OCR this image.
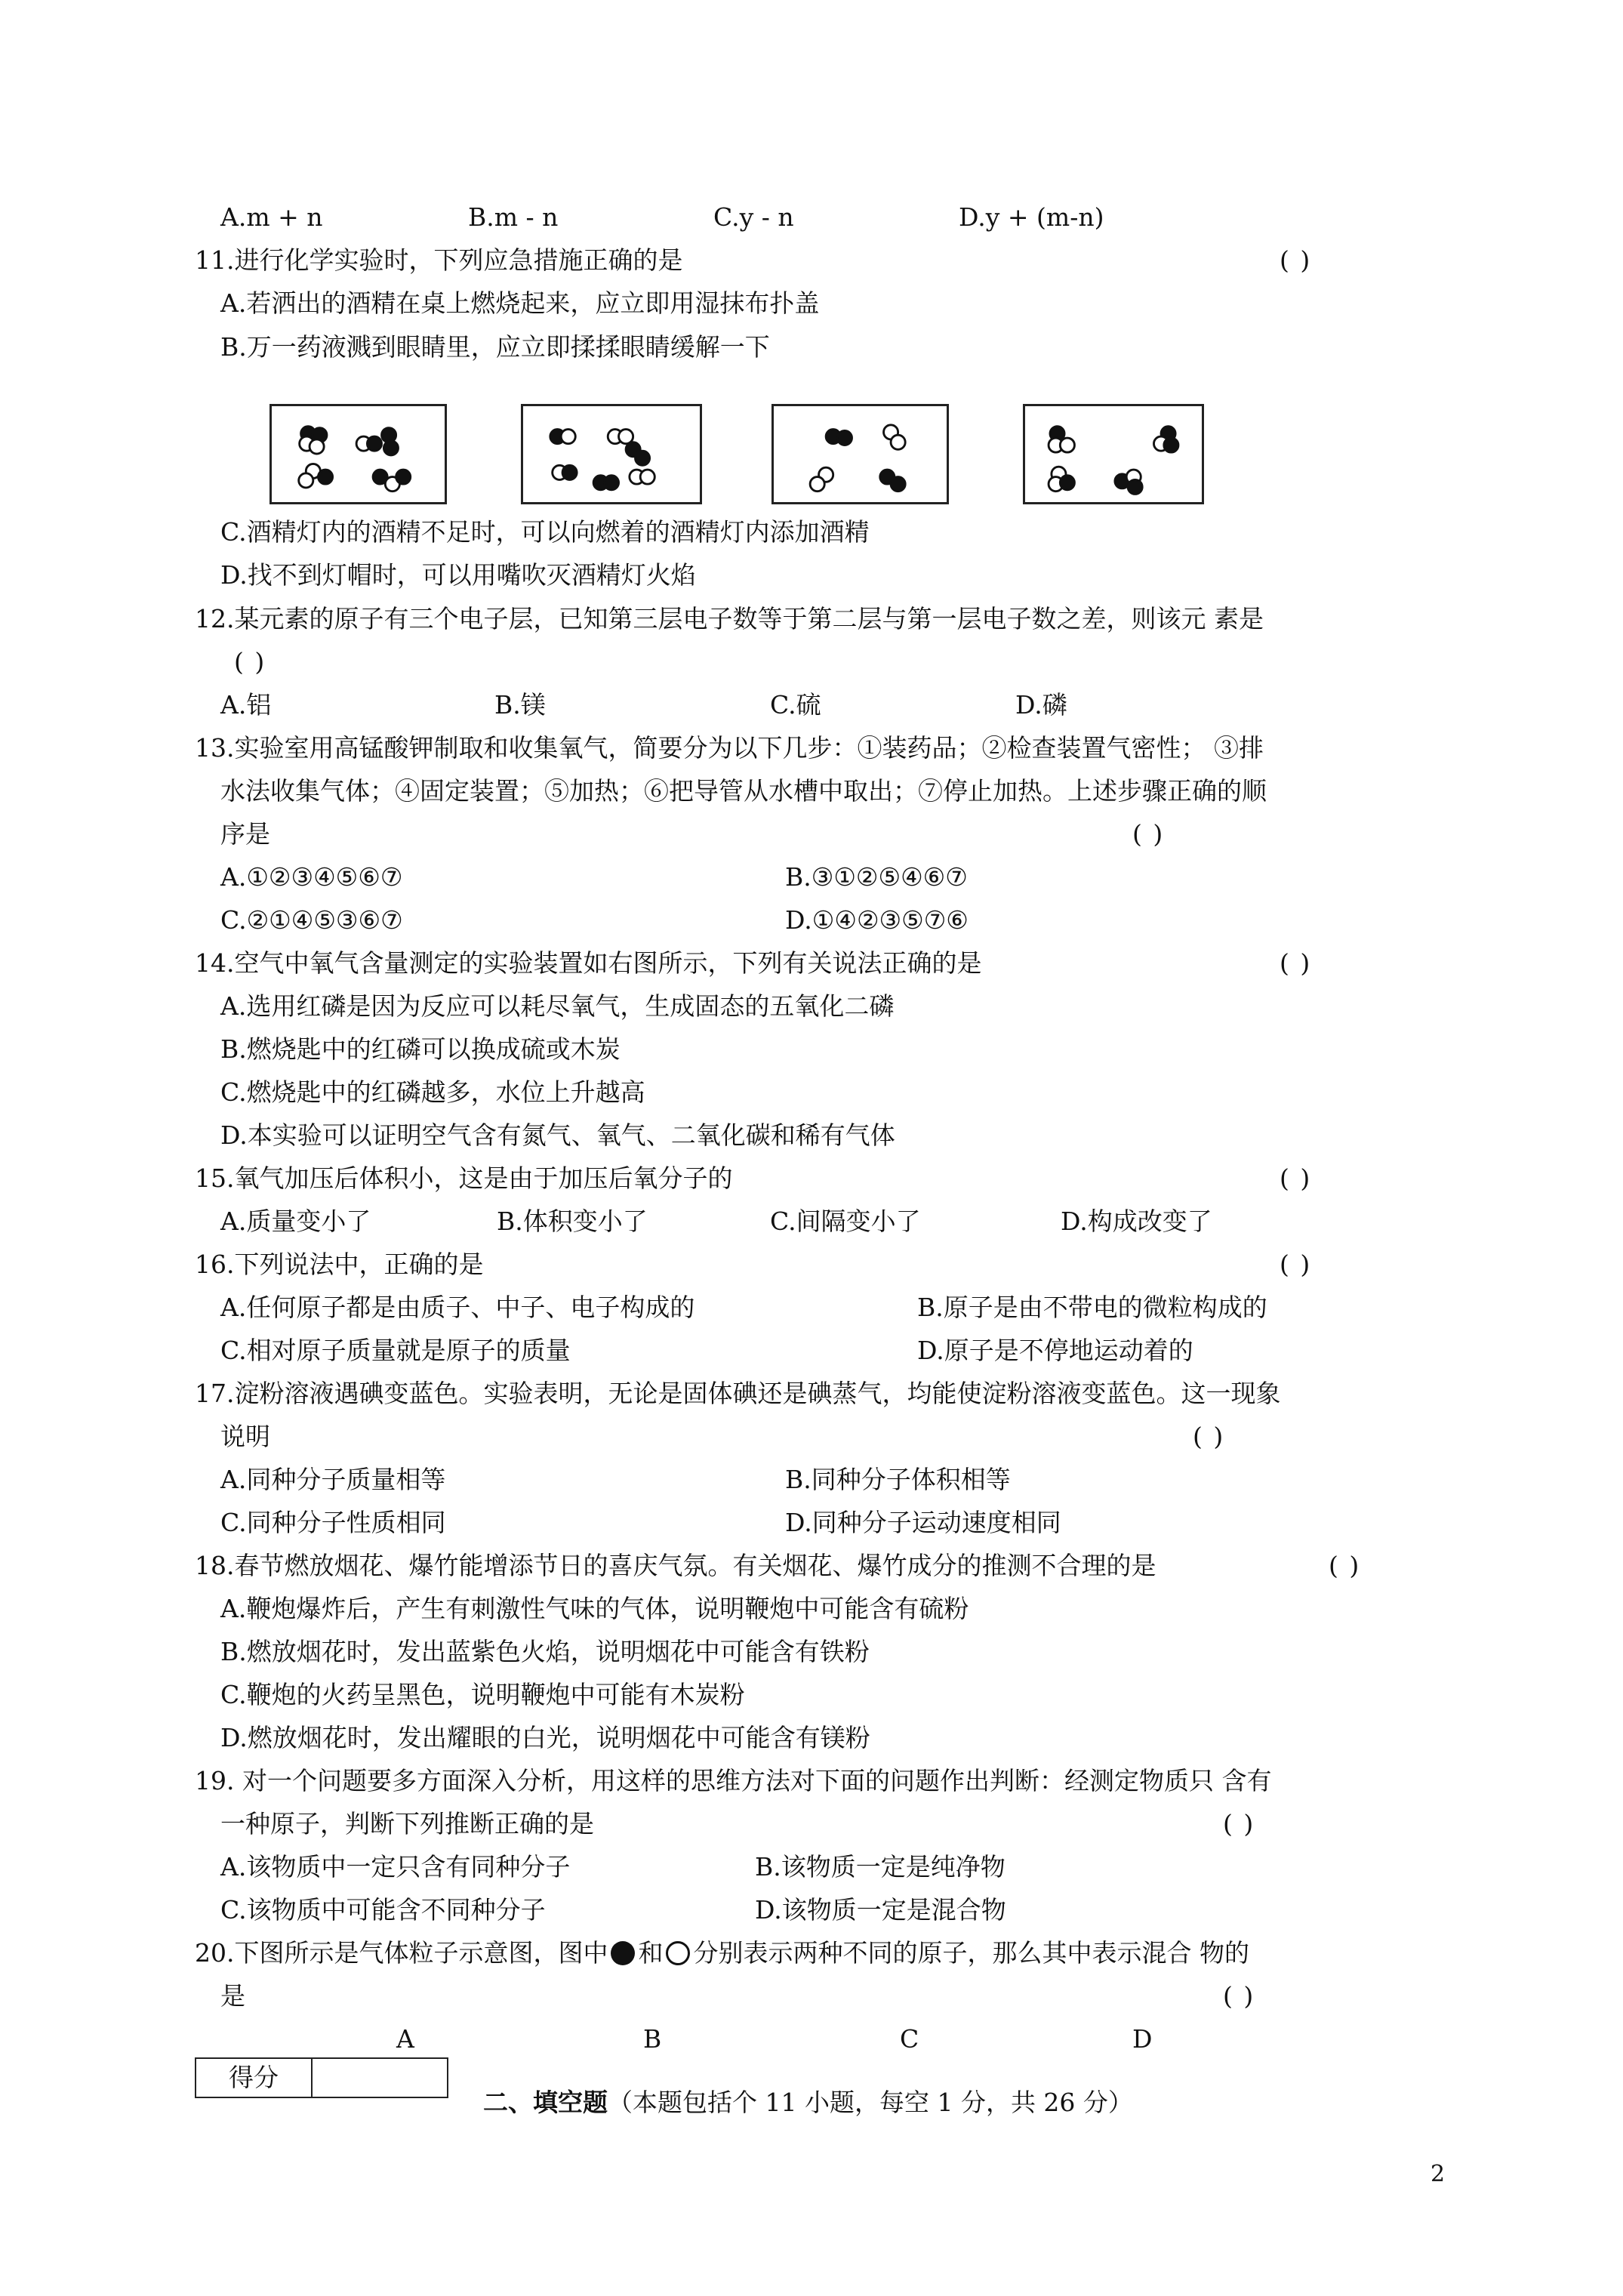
A.m + n	B.m - n	C.y - n	D.y + (m-n)
11.进行化学实验时，下列应急措施正确的是	( )
A.若洒出的酒精在桌上燃烧起来，应立即用湿抹布扑盖
B.万一药液溅到眼睛里，应立即揉揉眼睛缓解一下
C.酒精灯内的酒精不足时，可以向燃着的酒精灯内添加酒精
D.找不到灯帽时，可以用嘴吹灭酒精灯火焰
12.某元素的原子有三个电子层，已知第三层电子数等于第二层与第一层电子数之差，则该元 素是
( )
A.铝	B.镁	C.硫	D.磷
13.实验室用高锰酸钾制取和收集氧气，简要分为以下几步：①装药品；②检查装置气密性； ③排
水法收集气体；④固定装置；⑤加热；⑥把导管从水槽中取出；⑦停止加热。上述步骤正确的顺
序是	( )
A.①②③④⑤⑥⑦	B.③①②⑤④⑥⑦
C.②①④⑤③⑥⑦	D.①④②③⑤⑦⑥
14.空气中氧气含量测定的实验装置如右图所示，下列有关说法正确的是	( )
A.选用红磷是因为反应可以耗尽氧气，生成固态的五氧化二磷
B.燃烧匙中的红磷可以换成硫或木炭
C.燃烧匙中的红磷越多，水位上升越高
D.本实验可以证明空气含有氮气、氧气、二氧化碳和稀有气体
15.氧气加压后体积小，这是由于加压后氧分子的	( )
A.质量变小了	B.体积变小了	C.间隔变小了	D.构成改变了
16.下列说法中，正确的是	( )
A.任何原子都是由质子、中子、电子构成的	B.原子是由不带电的微粒构成的
C.相对原子质量就是原子的质量	D.原子是不停地运动着的
17.淀粉溶液遇碘变蓝色。实验表明，无论是固体碘还是碘蒸气，均能使淀粉溶液变蓝色。这一现象
说明	( )
A.同种分子质量相等	B.同种分子体积相等
C.同种分子性质相同	D.同种分子运动速度相同
18.春节燃放烟花、爆竹能增添节日的喜庆气氛。有关烟花、爆竹成分的推测不合理的是	( )
A.鞭炮爆炸后，产生有刺激性气味的气体，说明鞭炮中可能含有硫粉
B.燃放烟花时，发出蓝紫色火焰，说明烟花中可能含有铁粉
C.鞭炮的火药呈黑色，说明鞭炮中可能有木炭粉
D.燃放烟花时，发出耀眼的白光，说明烟花中可能含有镁粉
19. 对一个问题要多方面深入分析，用这样的思维方法对下面的问题作出判断：经测定物质只 含有
一种原子，判断下列推断正确的是	( )
A.该物质中一定只含有同种分子	B.该物质一定是纯净物
C.该物质中可能含不同种分子	D.该物质一定是混合物
20.下图所示是气体粒子示意图，图中 和 分别表示两种不同的原子，那么其中表示混合 物的
是	( )
A	B	C	D
得分	
二、填空题（本题包括个 11 小题，每空 1 分，共 26 分）
2
